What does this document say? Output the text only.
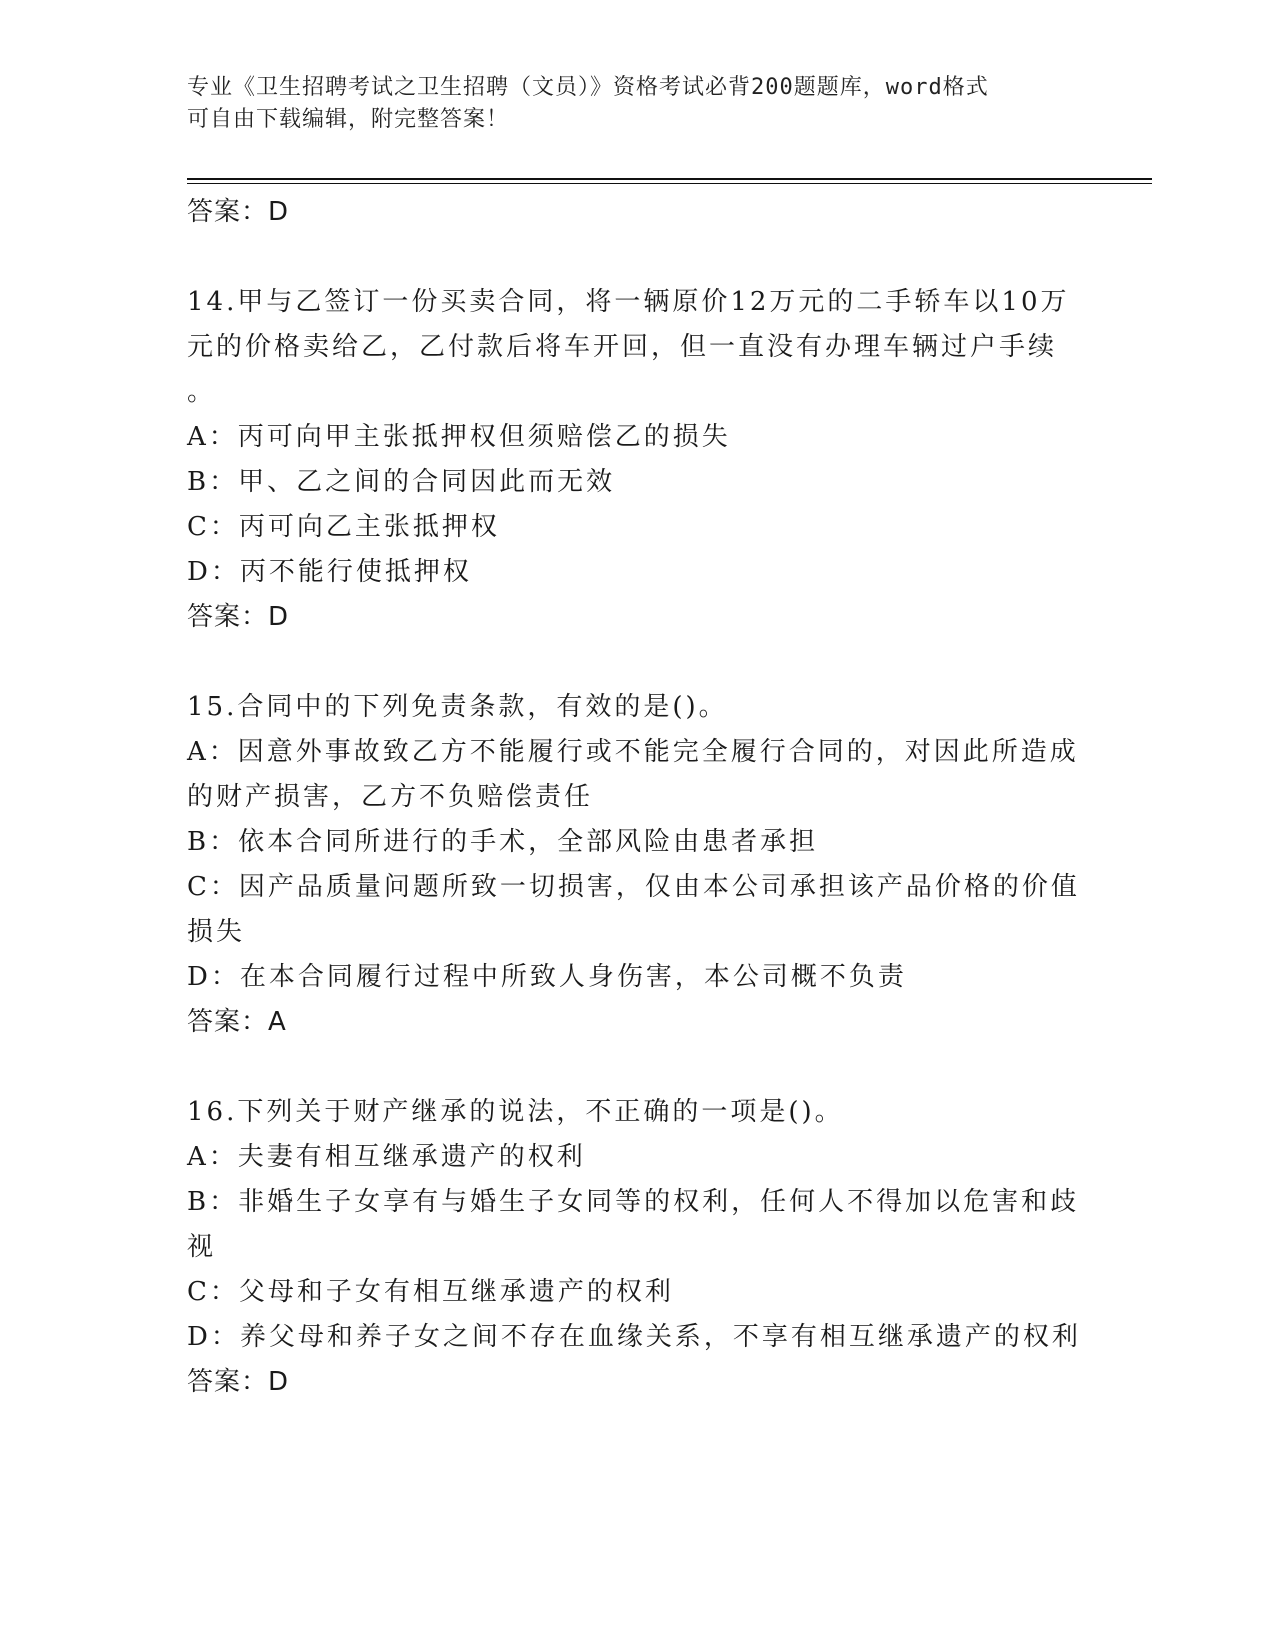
专业《卫生招聘考试之卫生招聘（文员）》资格考试必背200题题库，word格式
可自由下载编辑，附完整答案！
答案：D
14.甲与乙签订一份买卖合同，将一辆原价12万元的二手轿车以10万
元的价格卖给乙，乙付款后将车开回，但一直没有办理车辆过户手续
。
A：丙可向甲主张抵押权但须赔偿乙的损失
B：甲、乙之间的合同因此而无效
C：丙可向乙主张抵押权
D：丙不能行使抵押权
答案：D
15.合同中的下列免责条款，有效的是()。
A：因意外事故致乙方不能履行或不能完全履行合同的，对因此所造成
的财产损害，乙方不负赔偿责任
B：依本合同所进行的手术，全部风险由患者承担
C：因产品质量问题所致一切损害，仅由本公司承担该产品价格的价值
损失
D：在本合同履行过程中所致人身伤害，本公司概不负责
答案：A
16.下列关于财产继承的说法，不正确的一项是()。
A：夫妻有相互继承遗产的权利
B：非婚生子女享有与婚生子女同等的权利，任何人不得加以危害和歧
视
C：父母和子女有相互继承遗产的权利
D：养父母和养子女之间不存在血缘关系，不享有相互继承遗产的权利
答案：D
